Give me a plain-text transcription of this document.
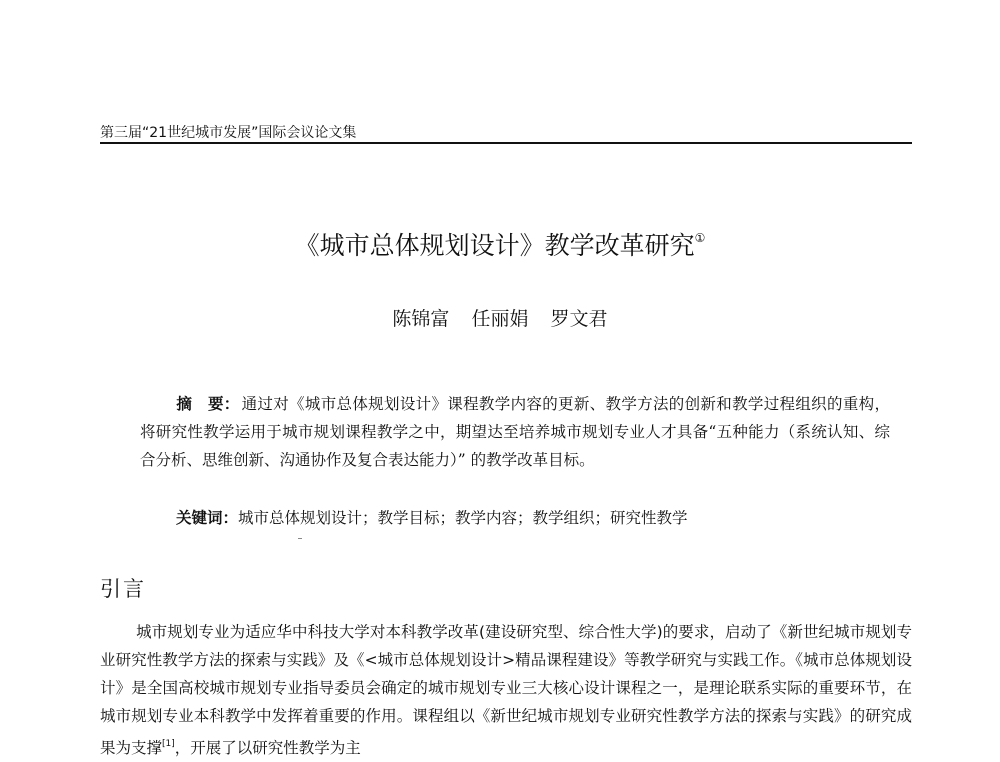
第三届“21世纪城市发展”国际会议论文集
《城市总体规划设计》教学改革研究①
陈锦富 任丽娟 罗文君
摘　要： 通过对《城市总体规划设计》课程教学内容的更新、教学方法的创新和教学过程组织的重构，将研究性教学运用于城市规划课程教学之中，期望达至培养城市规划专业人才具备“五种能力（系统认知、综合分析、思维创新、沟通协作及复合表达能力）” 的教学改革目标。
关键词：城市总体规划设计；教学目标；教学内容；教学组织；研究性教学
引言
城市规划专业为适应华中科技大学对本科教学改革(建设研究型、综合性大学)的要求，启动了《新世纪城市规划专业研究性教学方法的探索与实践》及《<城市总体规划设计>精品课程建设》等教学研究与实践工作。《城市总体规划设计》是全国高校城市规划专业指导委员会确定的城市规划专业三大核心设计课程之一，是理论联系实际的重要环节，在城市规划专业本科教学中发挥着重要的作用。课程组以《新世纪城市规划专业研究性教学方法的探索与实践》的研究成果为支撑[1]，开展了以研究性教学为主
